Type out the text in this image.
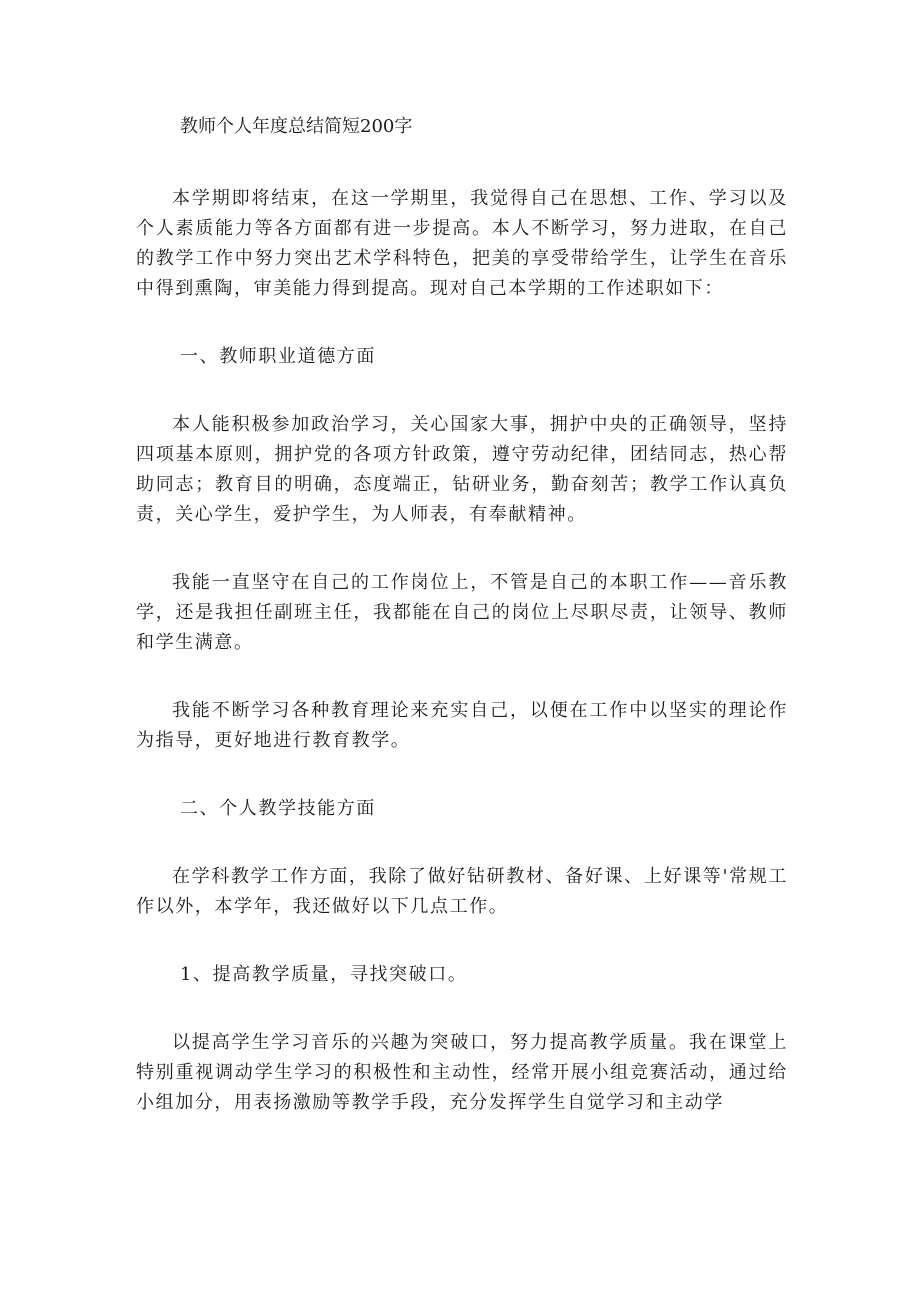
教师个人年度总结简短200字

本学期即将结束，在这一学期里，我觉得自己在思想、工作、学习以及个人素质能力等各方面都有进一步提高。本人不断学习，努力进取，在自己的教学工作中努力突出艺术学科特色，把美的享受带给学生，让学生在音乐中得到熏陶，审美能力得到提高。现对自己本学期的工作述职如下：

一、教师职业道德方面

本人能积极参加政治学习，关心国家大事，拥护中央的正确领导，坚持四项基本原则，拥护党的各项方针政策，遵守劳动纪律，团结同志，热心帮助同志；教育目的明确，态度端正，钻研业务，勤奋刻苦；教学工作认真负责，关心学生，爱护学生，为人师表，有奉献精神。

我能一直坚守在自己的工作岗位上，不管是自己的本职工作——音乐教学，还是我担任副班主任，我都能在自己的岗位上尽职尽责，让领导、教师和学生满意。

我能不断学习各种教育理论来充实自己，以便在工作中以坚实的理论作为指导，更好地进行教育教学。

二、个人教学技能方面

在学科教学工作方面，我除了做好钻研教材、备好课、上好课等'常规工作以外，本学年，我还做好以下几点工作。

1、提高教学质量，寻找突破口。

以提高学生学习音乐的兴趣为突破口，努力提高教学质量。我在课堂上特别重视调动学生学习的积极性和主动性，经常开展小组竞赛活动，通过给小组加分，用表扬激励等教学手段，充分发挥学生自觉学习和主动学
